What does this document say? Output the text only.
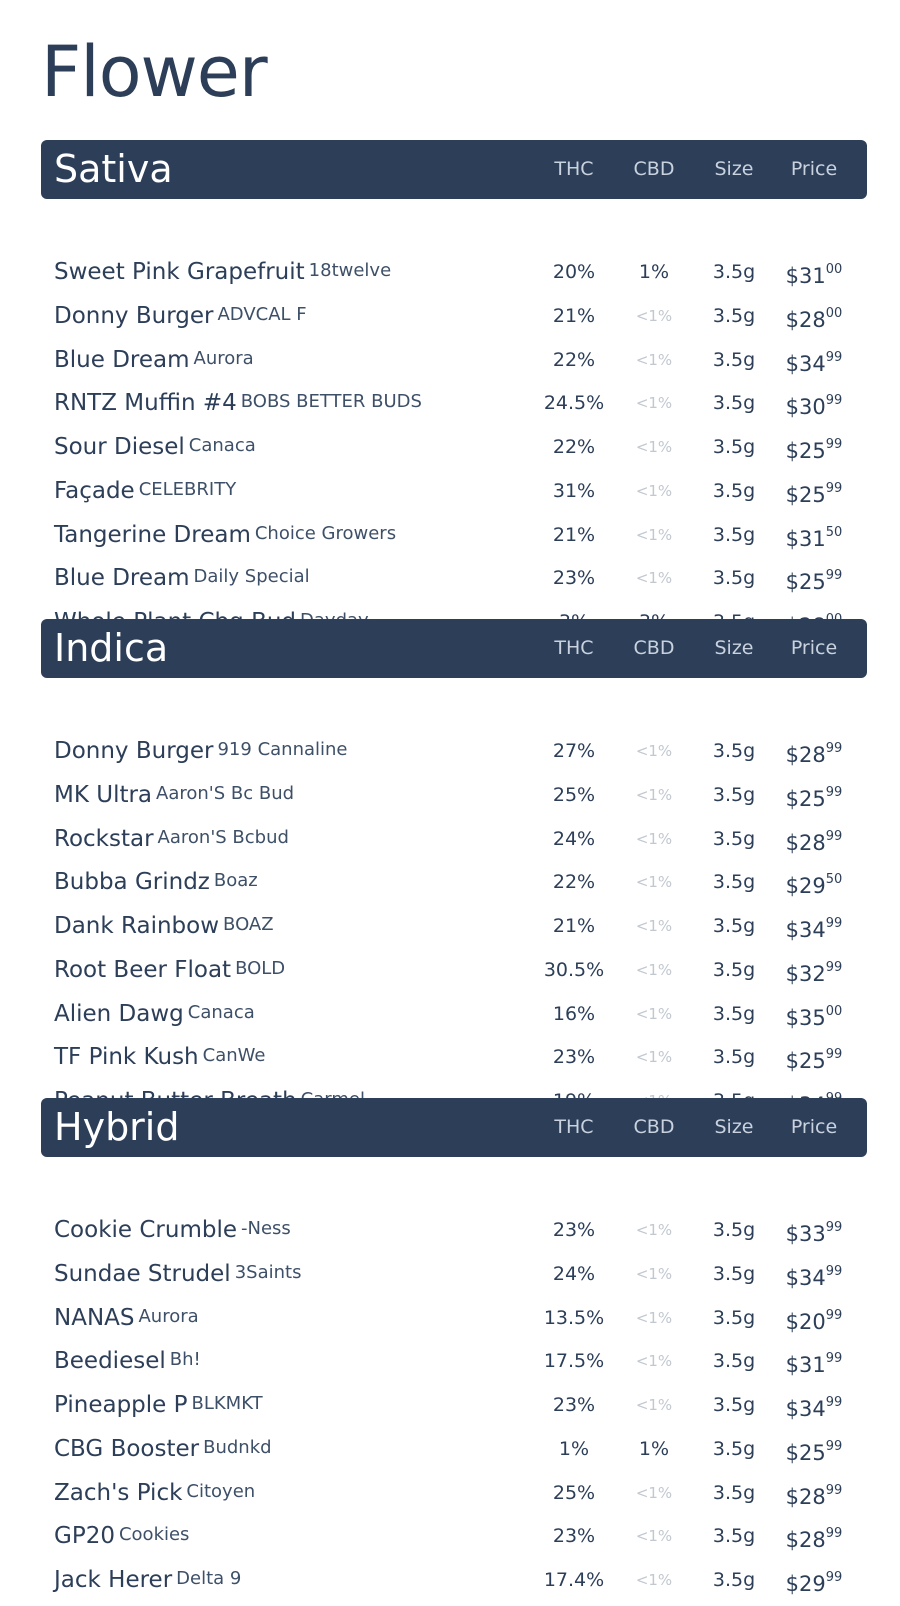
Flower
Sativa	THC	CBD	Size	Price
Sweet Pink Grapefruit 18twelve	20%	1%	3.5g	$\$31^{00}$
Donny Burger ADVCAL F	21%	<1%	3.5g	$\$28^{00}$
Blue Dream Aurora	22%	<1%	3.5g	$\$34^{99}$
RNTZ Muffin #4 BOBS BETTER BUDS	24.5%	<1%	3.5g	$\$30^{99}$
Sour Diesel Canaca	22%	<1%	3.5g	$\$25^{99}$
Façade CELEBRITY	31%	<1%	3.5g	$\$25^{99}$
Tangerine Dream Choice Growers	21%	<1%	3.5g	$\$31^{50}$
Blue Dream Daily Special	23%	<1%	3.5g	$\$25^{99}$
Indica	THC	CBD	Size	Price
Donny Burger 919 Cannaline	27%	<1%	3.5g	$\$28^{99}$
MK Ultra Aaron'S Bc Bud	25%	<1%	3.5g	$\$25^{99}$
Rockstar Aaron'S Bcbud	24%	<1%	3.5g	$\$28^{99}$
Bubba Grindz Boaz	22%	<1%	3.5g	$\$29^{50}$
Dank Rainbow BOAZ	21%	<1%	3.5g	$\$34^{99}$
Root Beer Float BOLD	30.5%	<1%	3.5g	$\$32^{99}$
Alien Dawg Canaca	16%	<1%	3.5g	$\$35^{00}$
TF Pink Kush CanWe	23%	<1%	3.5g	$\$25^{99}$
Hybrid	THC	CBD	Size	Price
Cookie Crumble -Ness	23%	<1%	3.5g	$\$33^{99}$
Sundae Strudel 3Saints	24%	<1%	3.5g	$\$34^{99}$
NANAS Aurora	13.5%	<1%	3.5g	$\$20^{99}$
Beediesel Bh!	17.5%	<1%	3.5g	$\$31^{99}$
Pineapple P BLKMKT	23%	<1%	3.5g	$\$34^{99}$
CBG Booster Budnkd	1%	1%	3.5g	$\$25^{99}$
Zach's Pick Citoyen	25%	<1%	3.5g	$\$28^{99}$
GP20 Cookies	23%	<1%	3.5g	$\$28^{99}$
Jack Herer Delta 9	17.4%	<1%	3.5g	$\$29^{99}$
